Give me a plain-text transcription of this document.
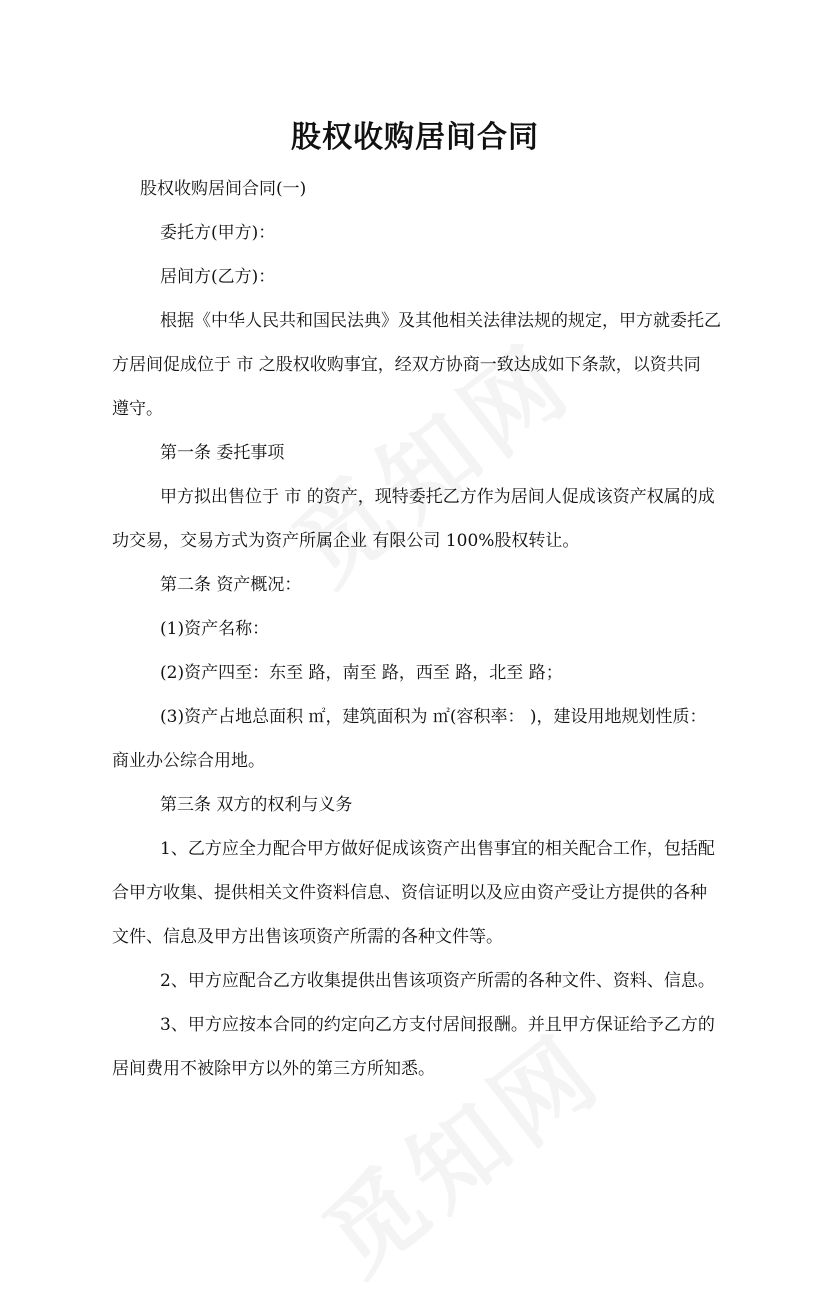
股权收购居间合同
股权收购居间合同(一)
委托方(甲方)：
居间方(乙方)：
根据《中华人民共和国民法典》及其他相关法律法规的规定，甲方就委托乙
方居间促成位于 市 之股权收购事宜，经双方协商一致达成如下条款，以资共同
遵守。
第一条 委托事项
甲方拟出售位于 市 的资产，现特委托乙方作为居间人促成该资产权属的成
功交易，交易方式为资产所属企业 有限公司 100%股权转让。
第二条 资产概况：
(1)资产名称：
(2)资产四至：东至 路，南至 路，西至 路，北至 路；
(3)资产占地总面积 ㎡，建筑面积为 ㎡(容积率： )，建设用地规划性质：
商业办公综合用地。
第三条 双方的权利与义务
1、乙方应全力配合甲方做好促成该资产出售事宜的相关配合工作，包括配
合甲方收集、提供相关文件资料信息、资信证明以及应由资产受让方提供的各种
文件、信息及甲方出售该项资产所需的各种文件等。
2、甲方应配合乙方收集提供出售该项资产所需的各种文件、资料、信息。
3、甲方应按本合同的约定向乙方支付居间报酬。并且甲方保证给予乙方的
居间费用不被除甲方以外的第三方所知悉。
